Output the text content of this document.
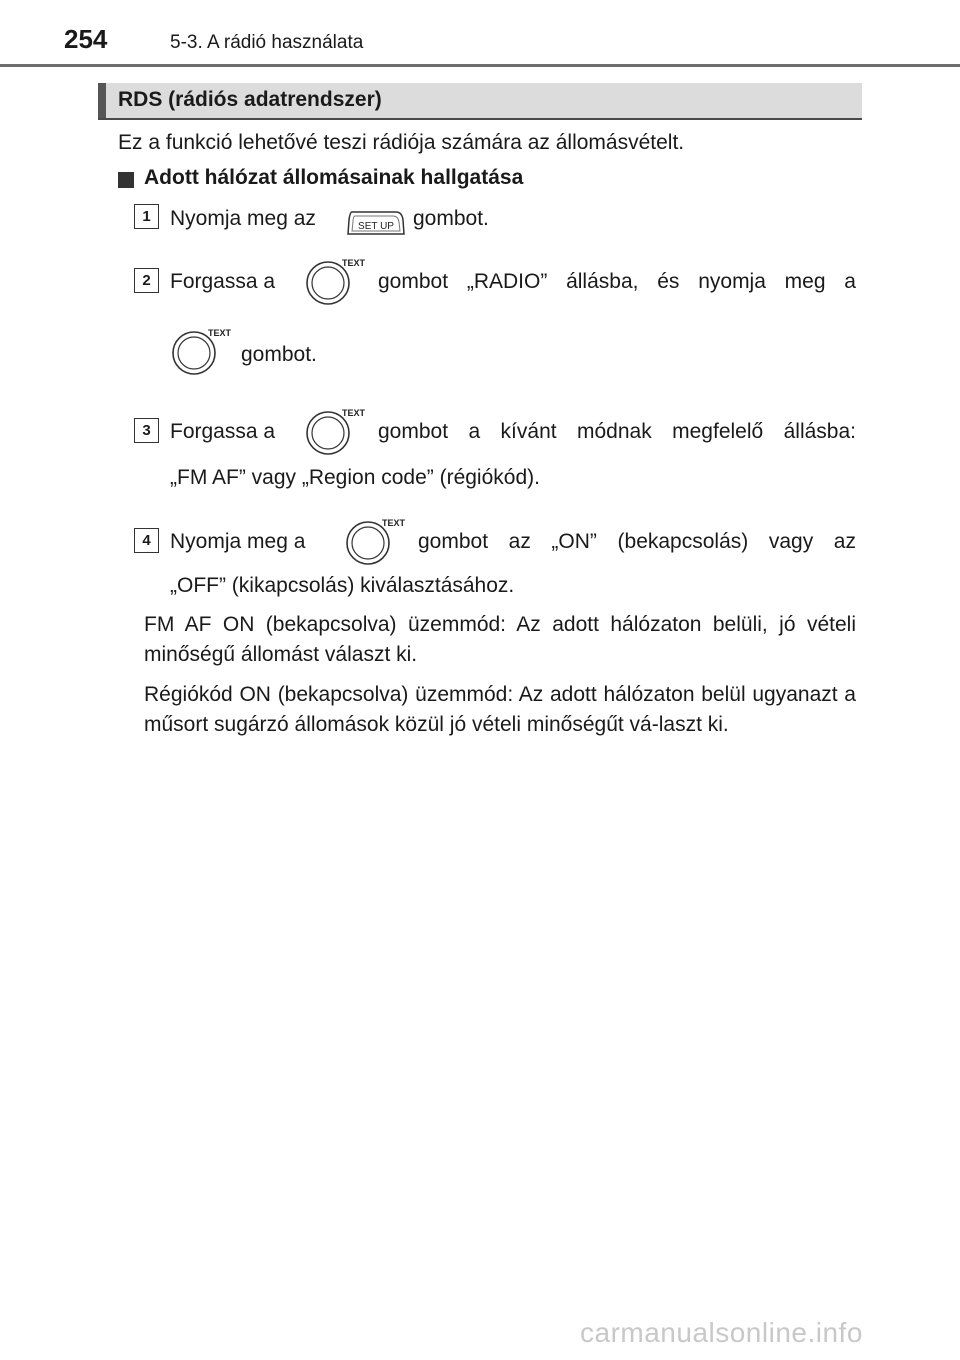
254	5-3. A rádió használata
RDS (rádiós adatrendszer)
Ez a funkció lehetővé teszi rádiója számára az állomásvételt.
Adott hálózat állomásainak hallgatása
1 Nyomja meg az	SET UP gombot.
2 Forgassa a
TEXT
gombot „RADIO” állásba, és nyomja meg a
TEXT
gombot.
3 Forgassa a
TEXT
gombot a kívánt módnak megfelelő állásba:
„FM AF” vagy „Region code” (régiókód).
4 Nyomja meg a
TEXT
gombot az „ON” (bekapcsolás) vagy az
„OFF” (kikapcsolás) kiválasztásához.
FM AF ON (bekapcsolva) üzemmód: Az adott hálózaton belüli, jó vételi minőségű állomást választ ki.
Régiókód ON (bekapcsolva) üzemmód: Az adott hálózaton belül ugyanazt a műsort sugárzó állomások közül jó vételi minőségűt vá-laszt ki.
carmanualsonline.info
